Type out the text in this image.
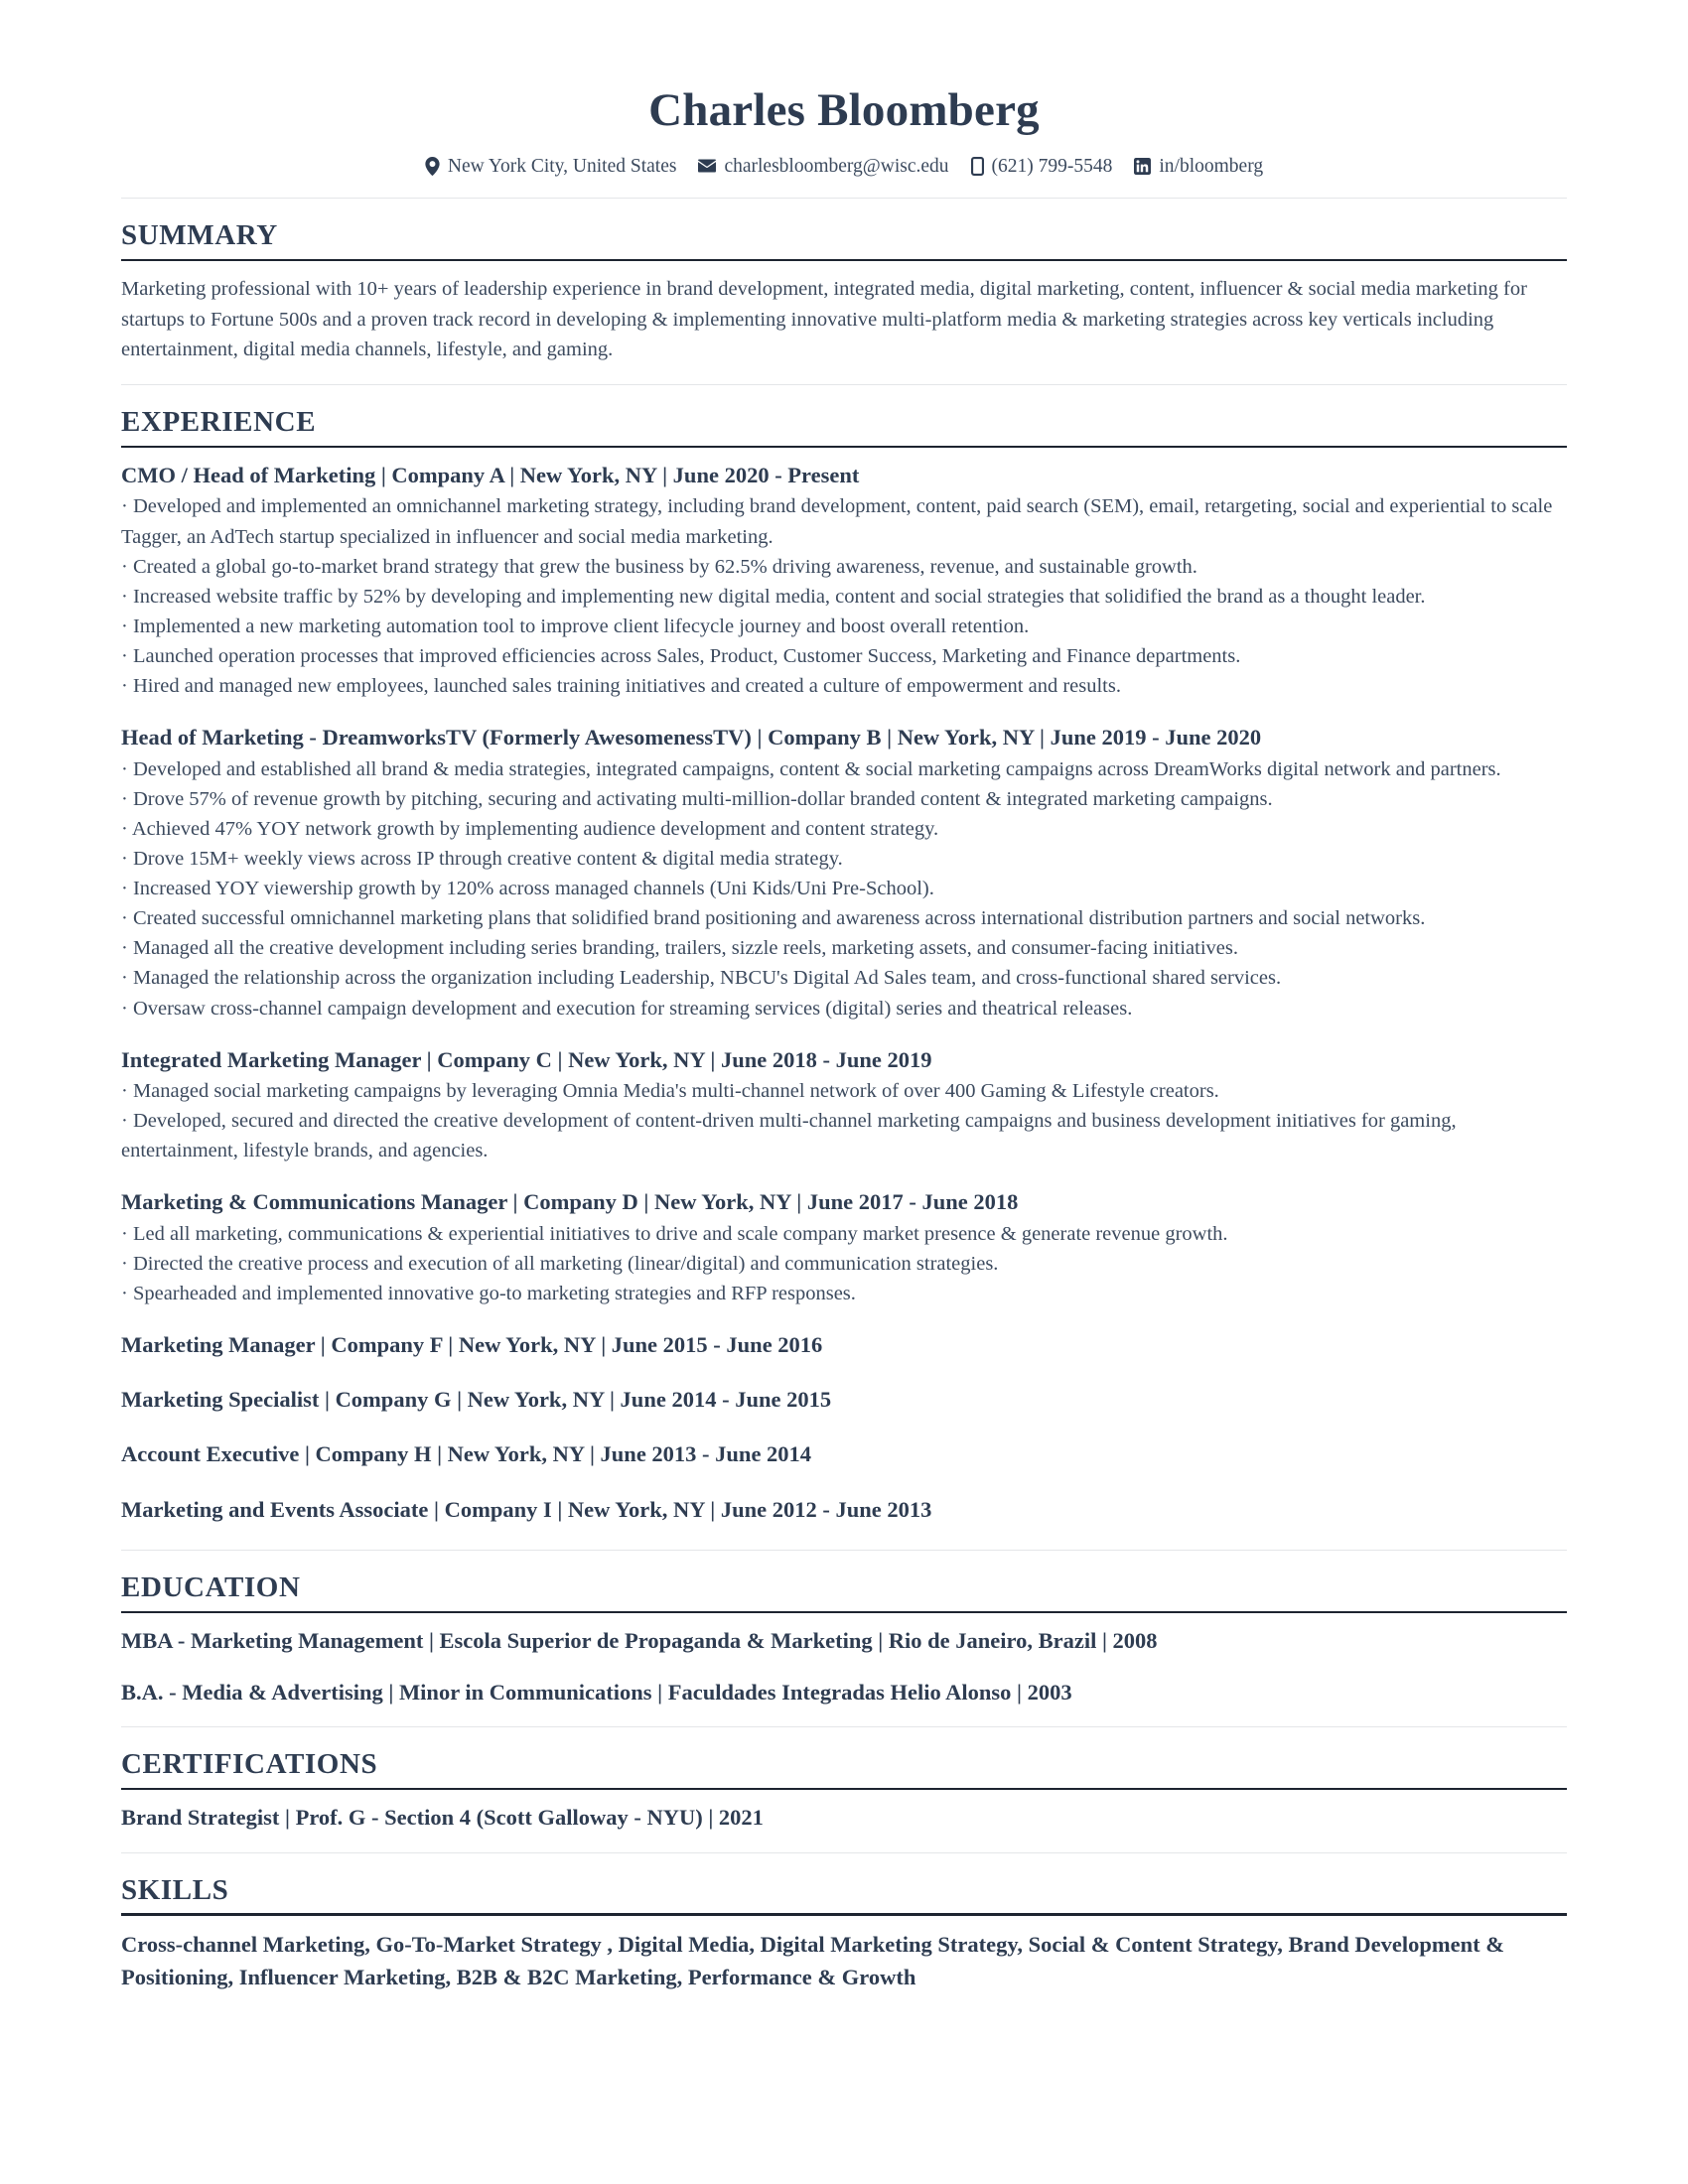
Charles Bloomberg
New York City, United States charlesbloomberg@wisc.edu (621) 799-5548 in/bloomberg
SUMMARY

Marketing professional with 10+ years of leadership experience in brand development, integrated media, digital marketing, content, influencer & social media marketing for startups to Fortune 500s and a proven track record in developing & implementing innovative multi-platform media & marketing strategies across key verticals including entertainment, digital media channels, lifestyle, and gaming.

EXPERIENCE
CMO / Head of Marketing | Company A | New York, NY | June 2020 - Present
· Developed and implemented an omnichannel marketing strategy, including brand development, content, paid search (SEM), email, retargeting, social and experiential to scale Tagger, an AdTech startup specialized in influencer and social media marketing.
· Created a global go-to-market brand strategy that grew the business by 62.5% driving awareness, revenue, and sustainable growth.
· Increased website traffic by 52% by developing and implementing new digital media, content and social strategies that solidified the brand as a thought leader.
· Implemented a new marketing automation tool to improve client lifecycle journey and boost overall retention.
· Launched operation processes that improved efficiencies across Sales, Product, Customer Success, Marketing and Finance departments.
· Hired and managed new employees, launched sales training initiatives and created a culture of empowerment and results.
Head of Marketing - DreamworksTV (Formerly AwesomenessTV) | Company B | New York, NY | June 2019 - June 2020
· Developed and established all brand & media strategies, integrated campaigns, content & social marketing campaigns across DreamWorks digital network and partners.
· Drove 57% of revenue growth by pitching, securing and activating multi-million-dollar branded content & integrated marketing campaigns.
· Achieved 47% YOY network growth by implementing audience development and content strategy.
· Drove 15M+ weekly views across IP through creative content & digital media strategy.
· Increased YOY viewership growth by 120% across managed channels (Uni Kids/Uni Pre-School).
· Created successful omnichannel marketing plans that solidified brand positioning and awareness across international distribution partners and social networks.
· Managed all the creative development including series branding, trailers, sizzle reels, marketing assets, and consumer-facing initiatives.
· Managed the relationship across the organization including Leadership, NBCU's Digital Ad Sales team, and cross-functional shared services.
· Oversaw cross-channel campaign development and execution for streaming services (digital) series and theatrical releases.
Integrated Marketing Manager | Company C | New York, NY | June 2018 - June 2019
· Managed social marketing campaigns by leveraging Omnia Media's multi-channel network of over 400 Gaming & Lifestyle creators.
· Developed, secured and directed the creative development of content-driven multi-channel marketing campaigns and business development initiatives for gaming, entertainment, lifestyle brands, and agencies.
Marketing & Communications Manager | Company D | New York, NY | June 2017 - June 2018
· Led all marketing, communications & experiential initiatives to drive and scale company market presence & generate revenue growth.
· Directed the creative process and execution of all marketing (linear/digital) and communication strategies.
· Spearheaded and implemented innovative go-to marketing strategies and RFP responses.
Marketing Manager | Company F | New York, NY | June 2015 - June 2016
Marketing Specialist | Company G | New York, NY | June 2014 - June 2015
Account Executive | Company H | New York, NY | June 2013 - June 2014
Marketing and Events Associate | Company I | New York, NY | June 2012 - June 2013
EDUCATION

MBA - Marketing Management | Escola Superior de Propaganda & Marketing | Rio de Janeiro, Brazil | 2008

B.A. - Media & Advertising | Minor in Communications | Faculdades Integradas Helio Alonso | 2003

CERTIFICATIONS

Brand Strategist | Prof. G - Section 4 (Scott Galloway - NYU) | 2021

SKILLS

Cross-channel Marketing, Go-To-Market Strategy , Digital Media, Digital Marketing Strategy, Social & Content Strategy, Brand Development & Positioning, Influencer Marketing, B2B & B2C Marketing, Performance & Growth
